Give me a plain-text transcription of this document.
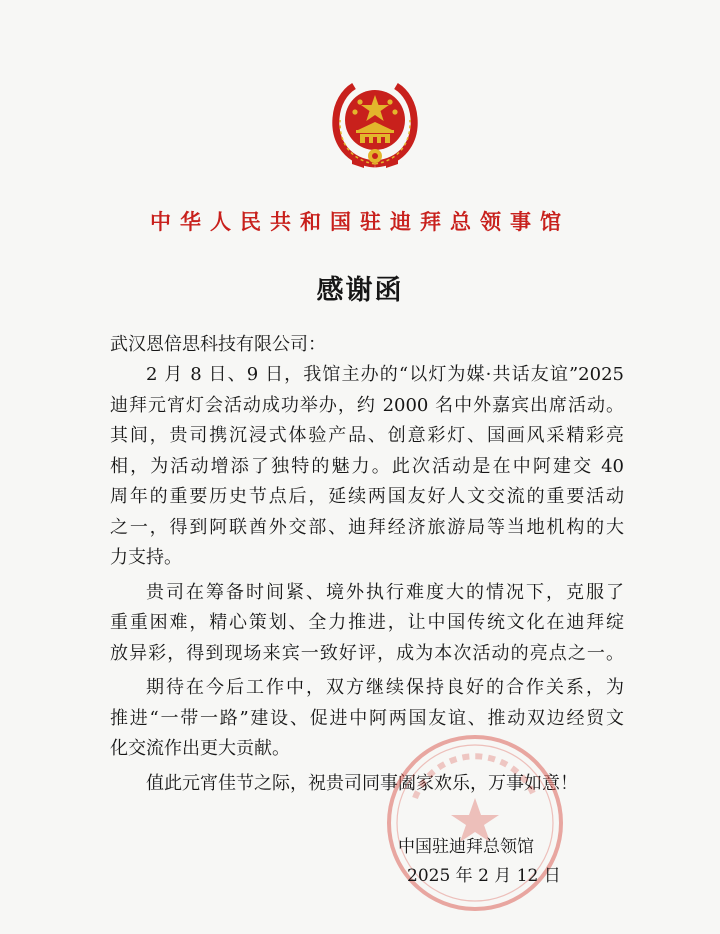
中华人民共和国驻迪拜总领事馆
感谢函
武汉恩倍思科技有限公司：
2 月 8 日、9 日，我馆主办的“以灯为媒·共话友谊”2025
迪拜元宵灯会活动成功举办，约 2000 名中外嘉宾出席活动。
其间，贵司携沉浸式体验产品、创意彩灯、国画风采精彩亮
相，为活动增添了独特的魅力。此次活动是在中阿建交 40
周年的重要历史节点后，延续两国友好人文交流的重要活动
之一，得到阿联酋外交部、迪拜经济旅游局等当地机构的大
力支持。
贵司在筹备时间紧、境外执行难度大的情况下，克服了
重重困难，精心策划、全力推进，让中国传统文化在迪拜绽
放异彩，得到现场来宾一致好评，成为本次活动的亮点之一。
期待在今后工作中，双方继续保持良好的合作关系，为
推进“一带一路”建设、促进中阿两国友谊、推动双边经贸文
化交流作出更大贡献。
值此元宵佳节之际，祝贵司同事阖家欢乐，万事如意！
中国驻迪拜总领馆
2025 年 2 月 12 日
